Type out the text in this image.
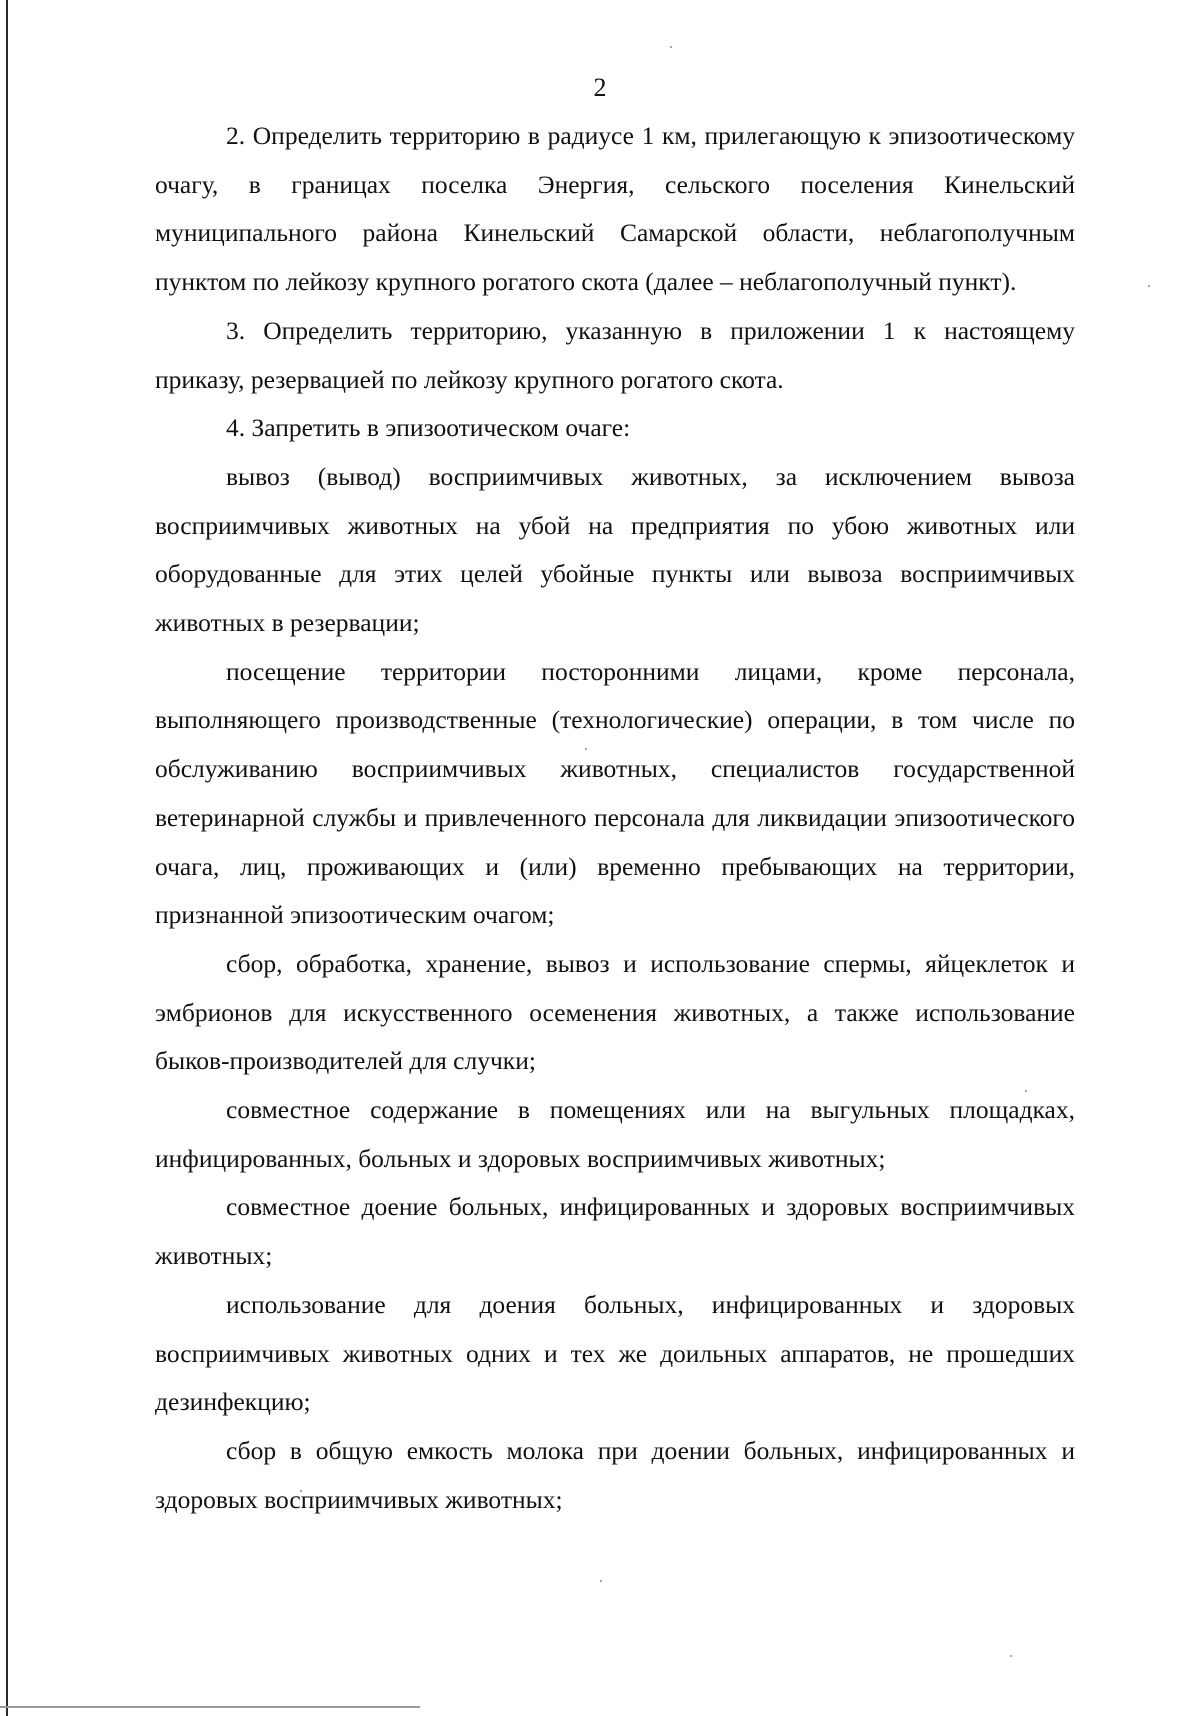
2

2. Определить территорию в радиусе 1 км, прилегающую к эпизоотическому очагу, в границах поселка Энергия, сельского поселения Кинельский муниципального района Кинельский Самарской области, неблагополучным пунктом по лейкозу крупного рогатого скота (далее – неблагополучный пункт).

3. Определить территорию, указанную в приложении 1 к настоящему приказу, резервацией по лейкозу крупного рогатого скота.

4. Запретить в эпизоотическом очаге:

вывоз (вывод) восприимчивых животных, за исключением вывоза восприимчивых животных на убой на предприятия по убою животных или оборудованные для этих целей убойные пункты или вывоза восприимчивых животных в резервации;

посещение территории посторонними лицами, кроме персонала, выполняющего производственные (технологические) операции, в том числе по обслуживанию восприимчивых животных, специалистов государственной ветеринарной службы и привлеченного персонала для ликвидации эпизоотического очага, лиц, проживающих и (или) временно пребывающих на территории, признанной эпизоотическим очагом;

сбор, обработка, хранение, вывоз и использование спермы, яйцеклеток и эмбрионов для искусственного осеменения животных, а также использование быков-производителей для случки;

совместное содержание в помещениях или на выгульных площадках, инфицированных, больных и здоровых восприимчивых животных;

совместное доение больных, инфицированных и здоровых восприимчивых животных;

использование для доения больных, инфицированных и здоровых восприимчивых животных одних и тех же доильных аппаратов, не прошедших дезинфекцию;

сбор в общую емкость молока при доении больных, инфицированных и здоровых восприимчивых животных;
